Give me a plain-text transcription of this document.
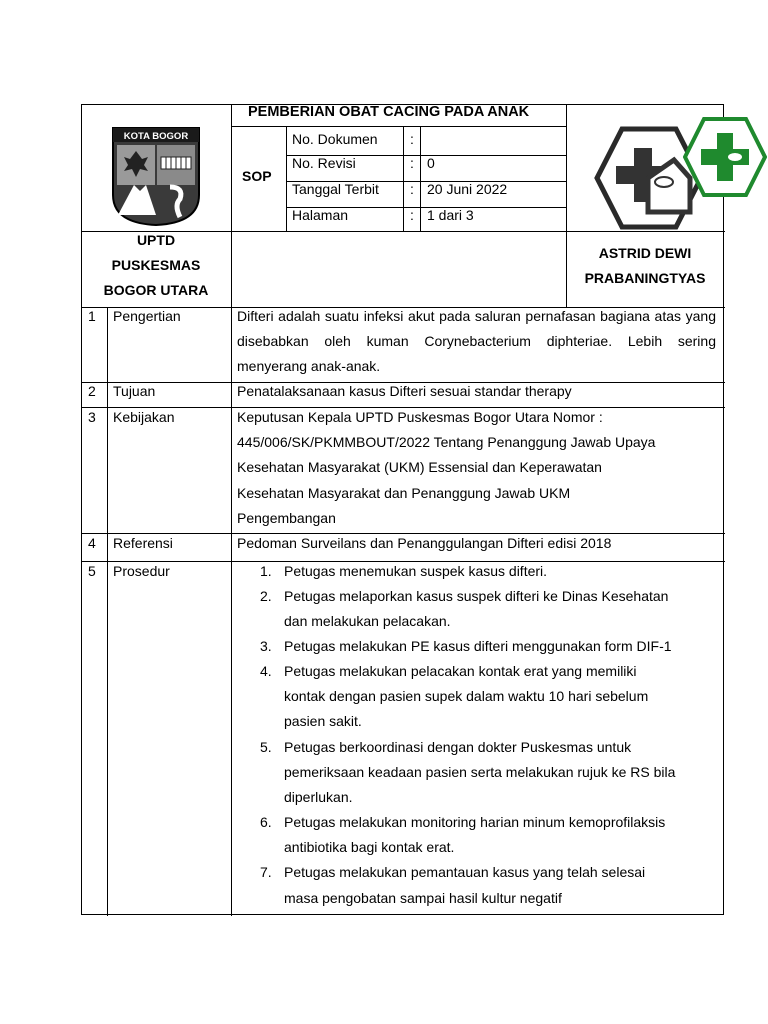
KOTA BOGOR
PEMBERIAN OBAT CACING PADA ANAK
SOP
No. Dokumen :
No. Revisi	: 0
Tanggal Terbit : 20 Juni 2022
Halaman	: 1 dari 3
UPTD
PUSKESMAS
BOGOR UTARA
ASTRID DEWI
PRABANINGTYAS
1 Pengertian	Difteri adalah suatu infeksi akut pada saluran pernafasan bagiana atas yang disebabkan oleh kuman Corynebacterium diphteriae. Lebih sering menyerang anak-anak.
2 Tujuan	Penatalaksanaan kasus Difteri sesuai standar therapy
3 Kebijakan	Keputusan Kepala UPTD Puskesmas Bogor Utara Nomor :
445/006/SK/PKMMBOUT/2022 Tentang Penanggung Jawab Upaya
Kesehatan Masyarakat (UKM) Essensial dan Keperawatan
Kesehatan Masyarakat dan Penanggung Jawab UKM
Pengembangan
4 Referensi	Pedoman Surveilans dan Penanggulangan Difteri edisi 2018
5 Prosedur	1. Petugas menemukan suspek kasus difteri.
2. Petugas melaporkan kasus suspek difteri ke Dinas Kesehatan
dan melakukan pelacakan.
3. Petugas melakukan PE kasus difteri menggunakan form DIF-1
4. Petugas melakukan pelacakan kontak erat yang memiliki
kontak dengan pasien supek dalam waktu 10 hari sebelum
pasien sakit.
5. Petugas berkoordinasi dengan dokter Puskesmas untuk
pemeriksaan keadaan pasien serta melakukan rujuk ke RS bila
diperlukan.
6. Petugas melakukan monitoring harian minum kemoprofilaksis
antibiotika bagi kontak erat.
7. Petugas melakukan pemantauan kasus yang telah selesai
masa pengobatan sampai hasil kultur negatif
